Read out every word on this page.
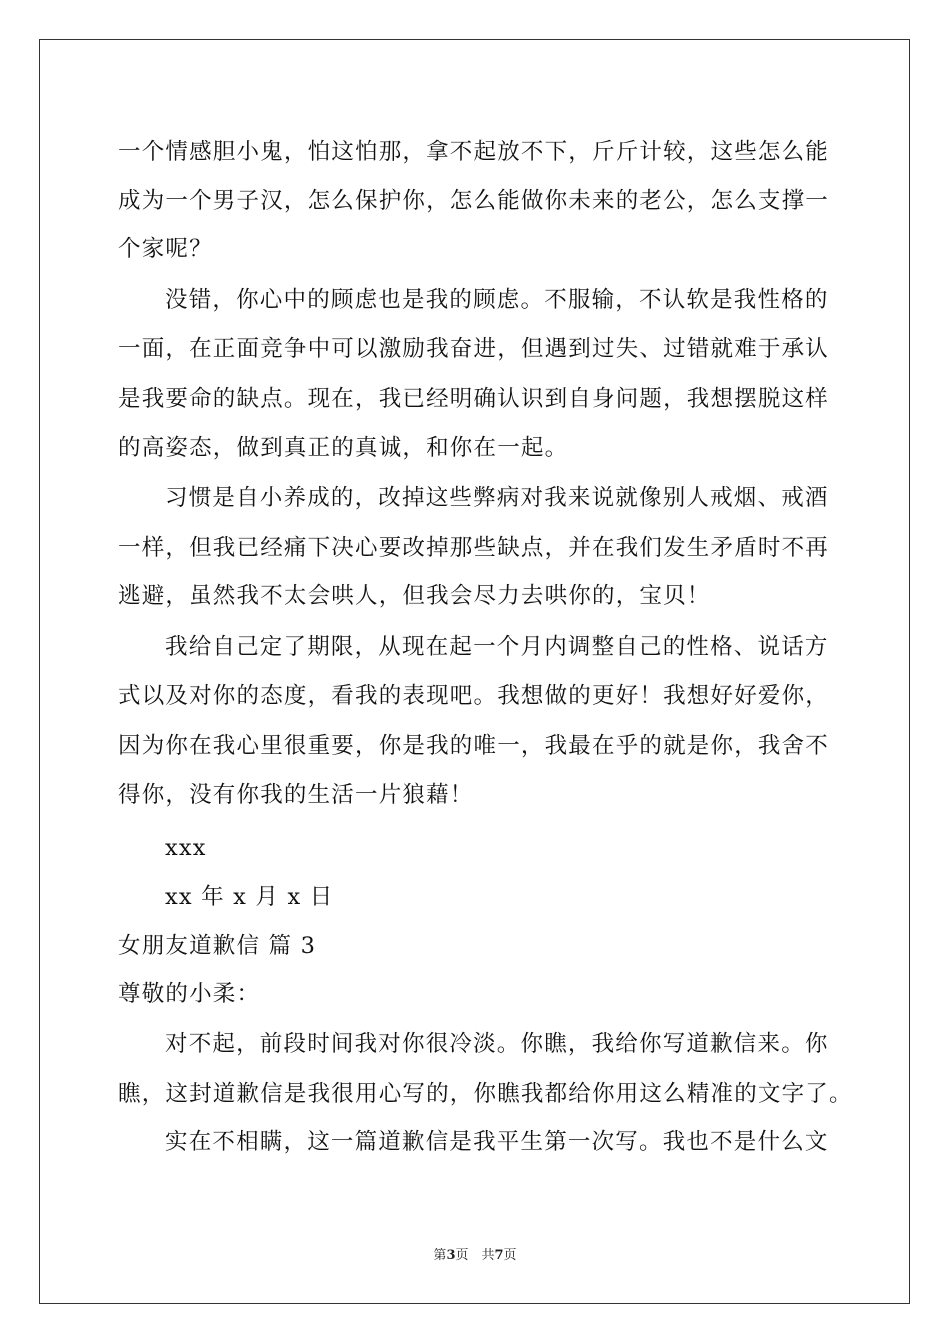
一个情感胆小鬼，怕这怕那，拿不起放不下，斤斤计较，这些怎么能
成为一个男子汉，怎么保护你，怎么能做你未来的老公，怎么支撑一
个家呢？
没错，你心中的顾虑也是我的顾虑。不服输，不认软是我性格的
一面，在正面竞争中可以激励我奋进，但遇到过失、过错就难于承认
是我要命的缺点。现在，我已经明确认识到自身问题，我想摆脱这样
的高姿态，做到真正的真诚，和你在一起。
习惯是自小养成的，改掉这些弊病对我来说就像别人戒烟、戒酒
一样，但我已经痛下决心要改掉那些缺点，并在我们发生矛盾时不再
逃避，虽然我不太会哄人，但我会尽力去哄你的，宝贝！
我给自己定了期限，从现在起一个月内调整自己的性格、说话方
式以及对你的态度，看我的表现吧。我想做的更好！我想好好爱你，
因为你在我心里很重要，你是我的唯一，我最在乎的就是你，我舍不
得你，没有你我的生活一片狼藉！
xxx
xx 年 x 月 x 日
女朋友道歉信 篇 3
尊敬的小柔：
对不起，前段时间我对你很冷淡。你瞧，我给你写道歉信来。你
瞧，这封道歉信是我很用心写的，你瞧我都给你用这么精准的文字了。
实在不相瞒，这一篇道歉信是我平生第一次写。我也不是什么文
第3页　共7页
